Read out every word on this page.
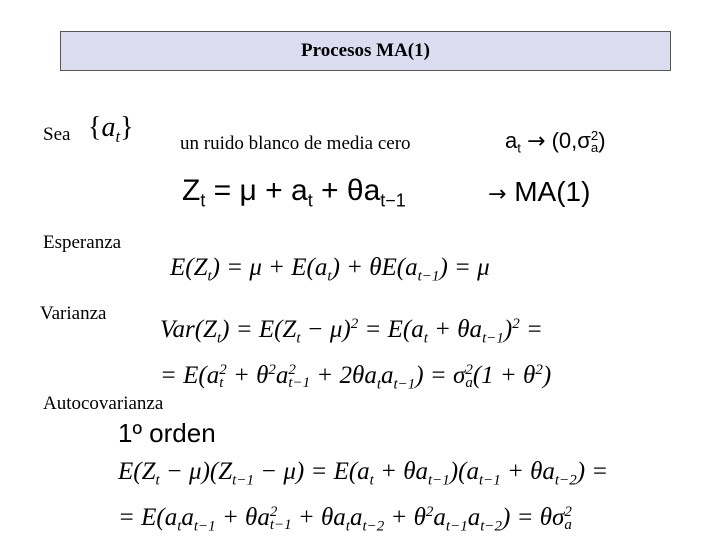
Procesos MA(1)
Sea $\{a_t\}$
un ruido blanco de media cero	$a_t \to (0,\sigma$ 2
a )
$Z_t = \mu + a_t + \theta a_{t-1}$	→ MA(1)
Esperanza
$E(Z_t) = \mu + E(a_t) + \theta E(a_{t-1}) = \mu$
Varianza
$Var(Z_t) = E(Z_t - \mu)^2 = E(a_t + \theta a_{t-1})^2$ =
= E(a 2
$t + \theta^2a$ 2
$t-1 + 2\theta a_ta_{t-1}) = \sigma$ 2
a $(1 + \theta^2)$
Autocovarianza
1º orden
$E(Z_t - \mu)(Z_{t-1} - \mu) = E(a_t + \theta a_{t-1})(a_{t-1} + \theta a_{t-2})$ =
= $E(a_ta_{t-1} + \theta a$ 2
$t-1 + \theta a_ta_{t-2} + \theta^2a_{t-1}a_{t-2}) = \theta\sigma$ 2
a
